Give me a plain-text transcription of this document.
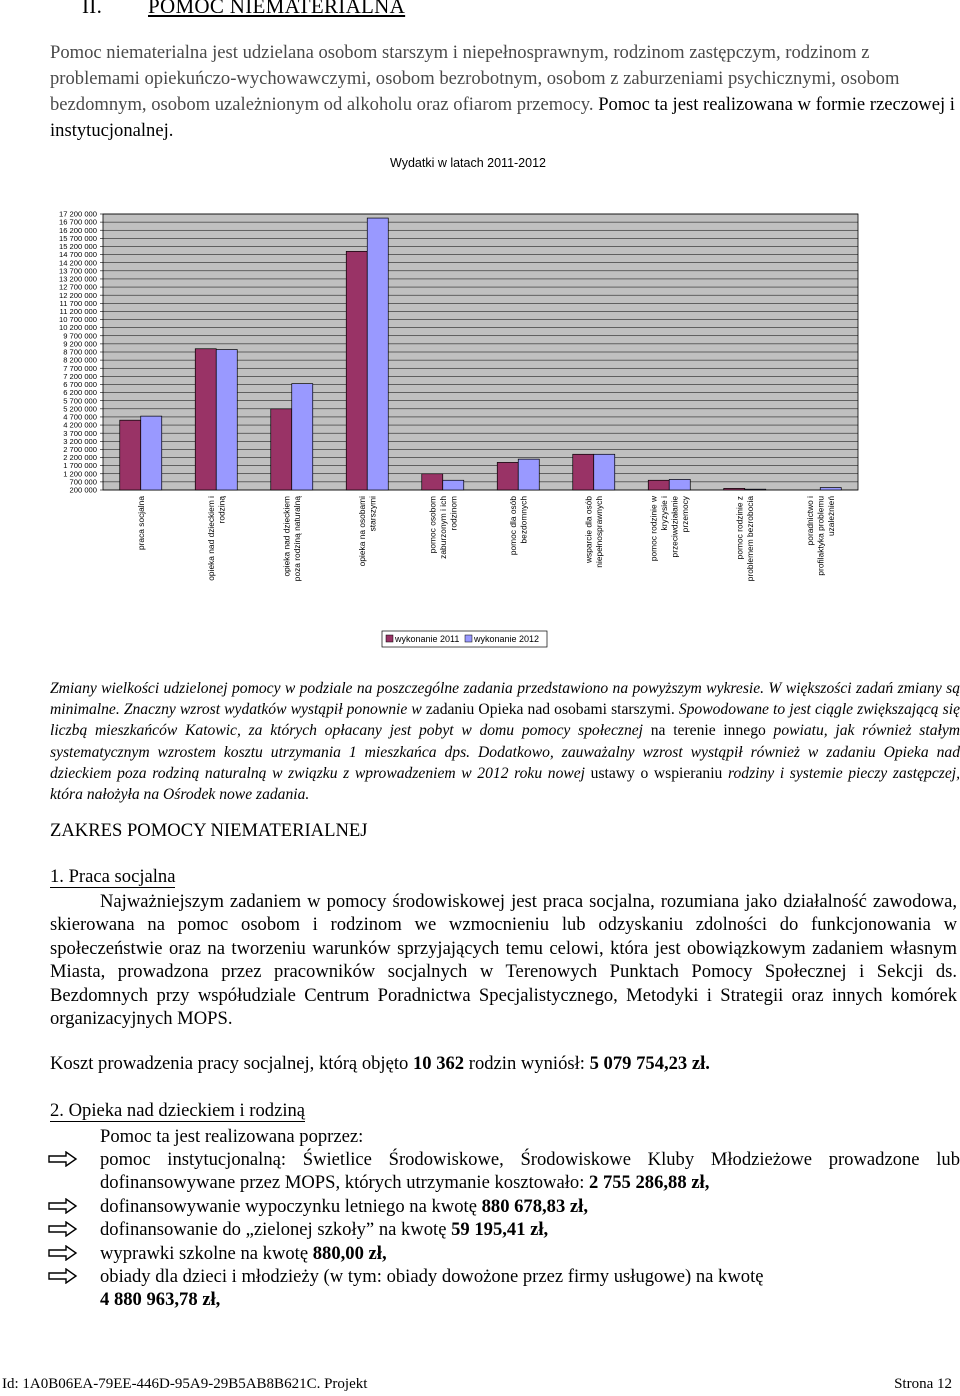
II. POMOC NIEMATERIALNA
Pomoc niematerialna jest udzielana osobom starszym i niepełnosprawnym, rodzinom zastępczym, rodzinom z problemami opiekuńczo-wychowawczymi, osobom bezrobotnym, osobom z zaburzeniami psychicznymi, osobom bezdomnym, osobom uzależnionym od alkoholu oraz ofiarom przemocy. Pomoc ta jest realizowana w formie rzeczowej i instytucjonalnej.
Wydatki w latach 2011-2012
17 200 000
16 700 000
16 200 000
15 700 000
15 200 000
14 700 000
14 200 000
13 700 000
13 200 000
12 700 000
12 200 000
11 700 000
11 200 000
10 700 000
10 200 000
9 700 000
9 200 000
8 700 000
8 200 000
7 700 000
7 200 000
6 700 000
6 200 000
5 700 000
5 200 000
4 700 000
4 200 000
3 700 000
3 200 000
2 700 000
2 200 000
1 700 000
1 200 000
700 000
200 000
praca socjalna	opieka nad dzieckiem i rodziną	opieka nad dzieckiem poza rodziną naturalną	opieka na osobami starszymi	pomoc osobom zaburzonym i ich rodzinom	pomoc dla osób bezdomnych	wsparcie dla osób niepełnosprawnych	pomoc rodzinie w kryzysie i przeciwdziałanie przemocy	pomoc rodzinie z problemem bezrobocia	poradnictwo i profilaktyka problemu uzależnień
wykonanie 2011 wykonanie 2012
Zmiany wielkości udzielonej pomocy w podziale na poszczególne zadania przedstawiono na powyższym wykresie. W większości zadań zmiany są minimalne. Znaczny wzrost wydatków wystąpił ponownie w zadaniu Opieka nad osobami starszymi. Spowodowane to jest ciągle zwiększającą się liczbą mieszkańców Katowic, za których opłacany jest pobyt w domu pomocy społecznej na terenie innego powiatu, jak również stałym systematycznym wzrostem kosztu utrzymania 1 mieszkańca dps. Dodatkowo, zauważalny wzrost wystąpił również w zadaniu Opieka nad dzieckiem poza rodziną naturalną w związku z wprowadzeniem w 2012 roku nowej ustawy o wspieraniu rodziny i systemie pieczy zastępczej, która nałożyła na Ośrodek nowe zadania.
ZAKRES POMOCY NIEMATERIALNEJ
1. Praca socjalna
Najważniejszym zadaniem w pomocy środowiskowej jest praca socjalna, rozumiana jako działalność zawodowa, skierowana na pomoc osobom i rodzinom we wzmocnieniu lub odzyskaniu zdolności do funkcjonowania w społeczeństwie oraz na tworzeniu warunków sprzyjających temu celowi, która jest obowiązkowym zadaniem własnym Miasta, prowadzona przez pracowników socjalnych w Terenowych Punktach Pomocy Społecznej i Sekcji ds. Bezdomnych przy współudziale Centrum Poradnictwa Specjalistycznego, Metodyki i Strategii oraz innych komórek organizacyjnych MOPS.
Koszt prowadzenia pracy socjalnej, którą objęto 10 362 rodzin wyniósł: 5 079 754,23 zł.
2. Opieka nad dzieckiem i rodziną
Pomoc ta jest realizowana poprzez:
pomoc instytucjonalną: Świetlice Środowiskowe, Środowiskowe Kluby Młodzieżowe prowadzone lub dofinansowywane przez MOPS, których utrzymanie kosztowało: 2 755 286,88 zł,
dofinansowywanie wypoczynku letniego na kwotę 880 678,83 zł,
dofinansowanie do „zielonej szkoły” na kwotę 59 195,41 zł,
wyprawki szkolne na kwotę 880,00 zł,
obiady dla dzieci i młodzieży (w tym: obiady dowożone przez firmy usługowe) na kwotę
4 880 963,78 zł,
Id: 1A0B06EA-79EE-446D-95A9-29B5AB8B621C. Projekt	Strona 12
